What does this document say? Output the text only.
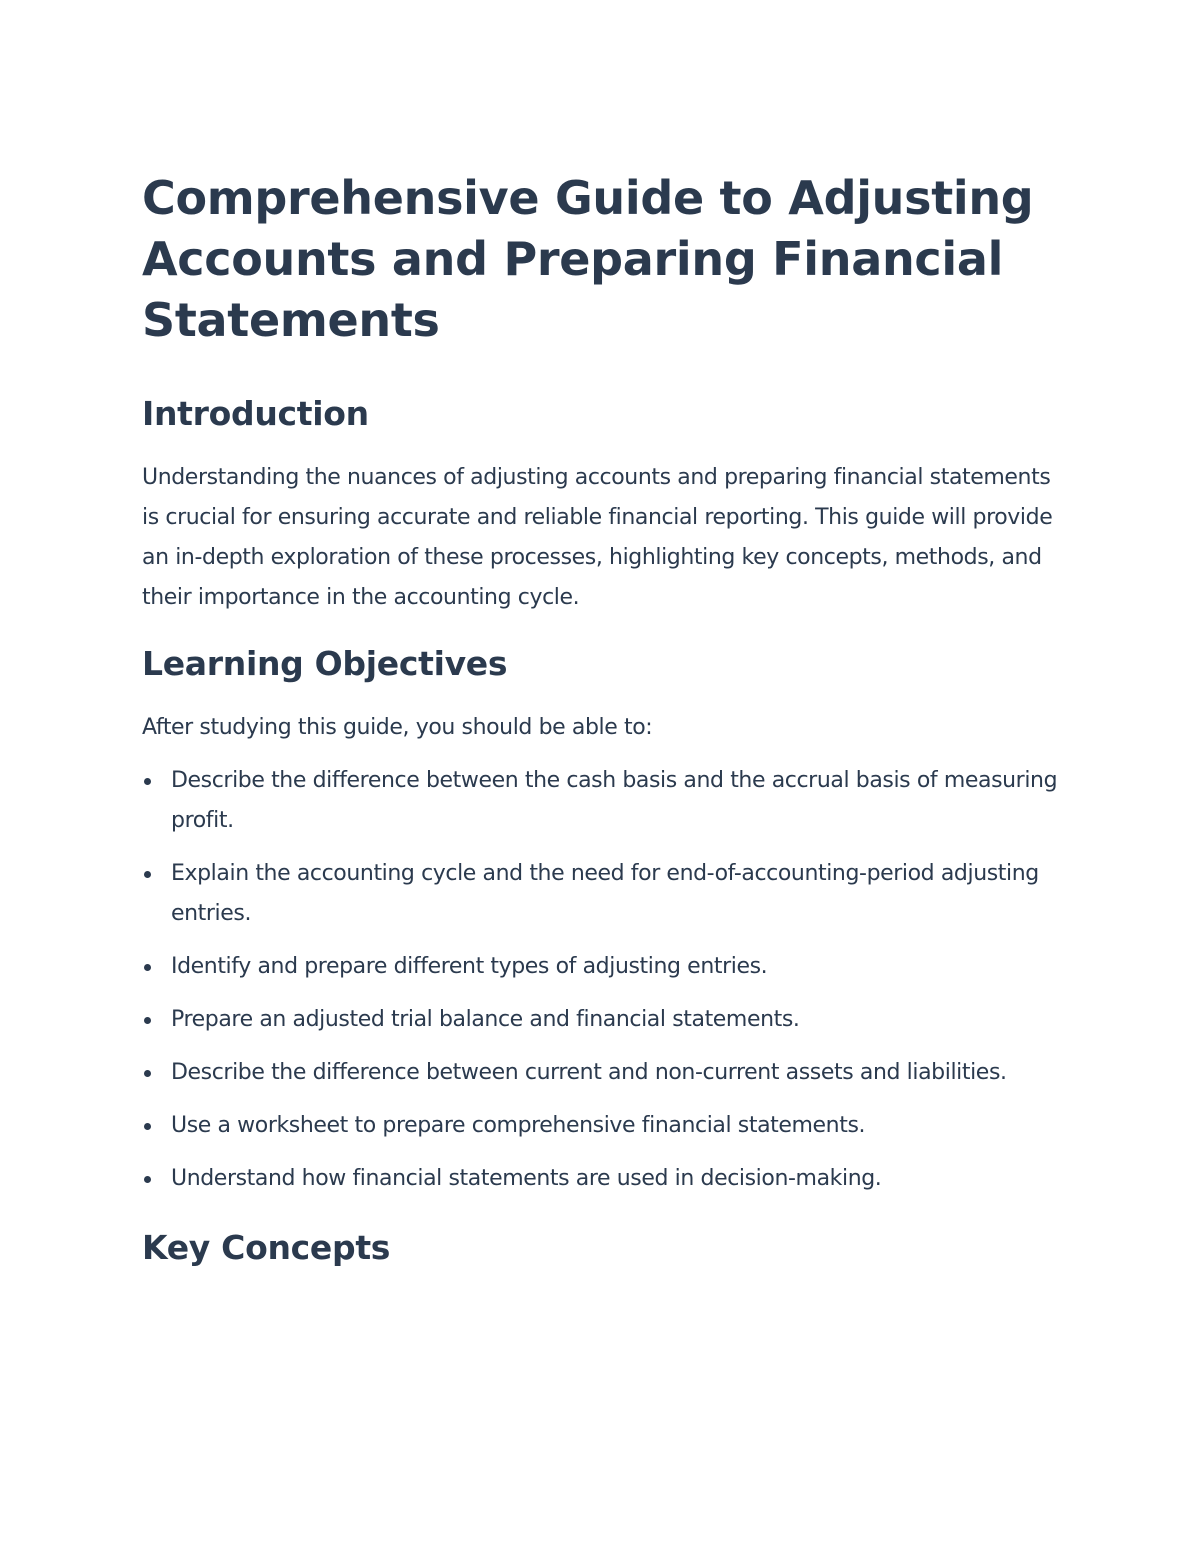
Comprehensive Guide to Adjusting Accounts and Preparing Financial Statements
Introduction

Understanding the nuances of adjusting accounts and preparing financial statements is crucial for ensuring accurate and reliable financial reporting. This guide will provide an in-depth exploration of these processes, highlighting key concepts, methods, and their importance in the accounting cycle.

Learning Objectives

After studying this guide, you should be able to:

Describe the difference between the cash basis and the accrual basis of measuring profit.
Explain the accounting cycle and the need for end-of-accounting-period adjusting entries.
Identify and prepare different types of adjusting entries.
Prepare an adjusted trial balance and financial statements.
Describe the difference between current and non-current assets and liabilities.
Use a worksheet to prepare comprehensive financial statements.
Understand how financial statements are used in decision-making.
Key Concepts
